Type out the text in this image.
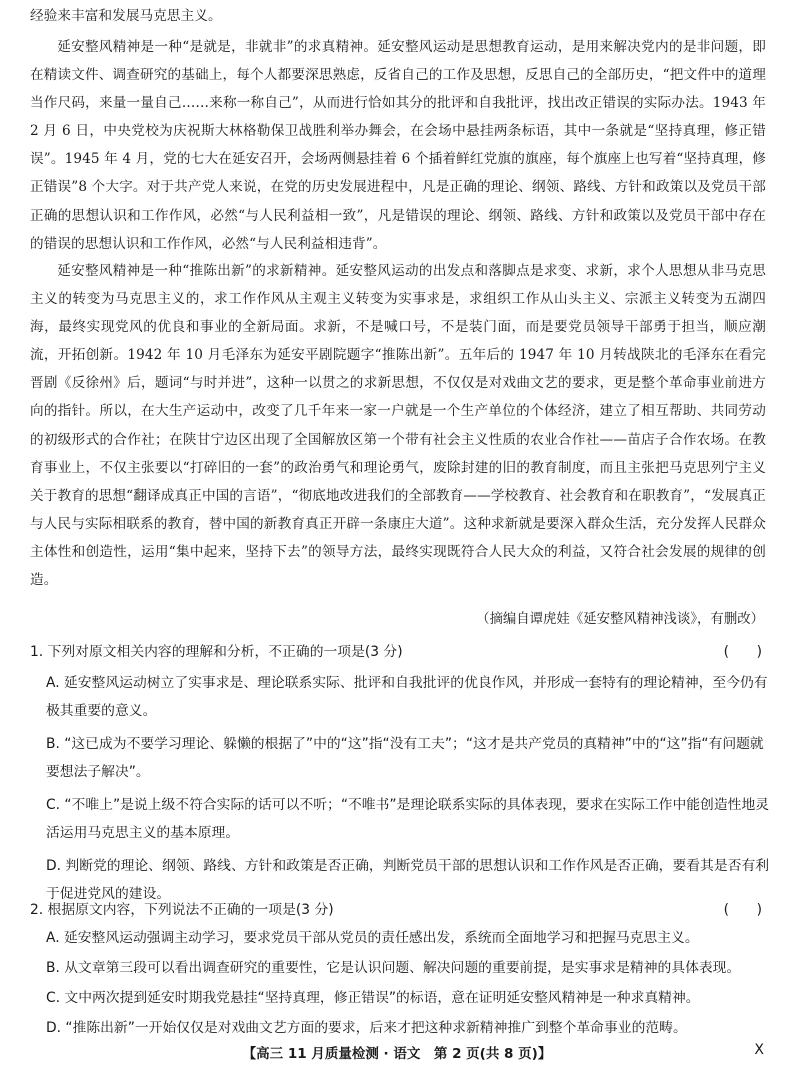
经验来丰富和发展马克思主义。

延安整风精神是一种“是就是，非就非”的求真精神。延安整风运动是思想教育运动，是用来解决党内的是非问题，即在精读文件、调查研究的基础上，每个人都要深思熟虑，反省自己的工作及思想，反思自己的全部历史，“把文件中的道理当作尺码，来量一量自己……来称一称自己”，从而进行恰如其分的批评和自我批评，找出改正错误的实际办法。1943 年 2 月 6 日，中央党校为庆祝斯大林格勒保卫战胜利举办舞会，在会场中悬挂两条标语，其中一条就是“坚持真理，修正错误”。1945 年 4 月，党的七大在延安召开，会场两侧悬挂着 6 个插着鲜红党旗的旗座，每个旗座上也写着“坚持真理，修正错误”8 个大字。对于共产党人来说，在党的历史发展进程中，凡是正确的理论、纲领、路线、方针和政策以及党员干部正确的思想认识和工作作风，必然“与人民利益相一致”，凡是错误的理论、纲领、路线、方针和政策以及党员干部中存在的错误的思想认识和工作作风，必然“与人民利益相违背”。

延安整风精神是一种“推陈出新”的求新精神。延安整风运动的出发点和落脚点是求变、求新，求个人思想从非马克思主义的转变为马克思主义的，求工作作风从主观主义转变为实事求是，求组织工作从山头主义、宗派主义转变为五湖四海，最终实现党风的优良和事业的全新局面。求新，不是喊口号，不是装门面，而是要党员领导干部勇于担当，顺应潮流，开拓创新。1942 年 10 月毛泽东为延安平剧院题字“推陈出新”。五年后的 1947 年 10 月转战陕北的毛泽东在看完晋剧《反徐州》后，题词“与时并进”，这种一以贯之的求新思想，不仅仅是对戏曲文艺的要求，更是整个革命事业前进方向的指针。所以，在大生产运动中，改变了几千年来一家一户就是一个生产单位的个体经济，建立了相互帮助、共同劳动的初级形式的合作社；在陕甘宁边区出现了全国解放区第一个带有社会主义性质的农业合作社——苗店子合作农场。在教育事业上，不仅主张要以“打碎旧的一套”的政治勇气和理论勇气，废除封建的旧的教育制度，而且主张把马克思列宁主义关于教育的思想“翻译成真正中国的言语”，“彻底地改进我们的全部教育——学校教育、社会教育和在职教育”，“发展真正与人民与实际相联系的教育，替中国的新教育真正开辟一条康庄大道”。这种求新就是要深入群众生活，充分发挥人民群众主体性和创造性，运用“集中起来，坚持下去”的领导方法，最终实现既符合人民大众的利益，又符合社会发展的规律的创造。

（摘编自谭虎娃《延安整风精神浅谈》，有删改）
1. 下列对原文相关内容的理解和分析，不正确的一项是(3 分)	(　　)
A. 延安整风运动树立了实事求是、理论联系实际、批评和自我批评的优良作风，并形成一套特有的理论精神，至今仍有极其重要的意义。
B. “这已成为不要学习理论、躲懒的根据了”中的“这”指“没有工夫”；“这才是共产党员的真精神”中的“这”指“有问题就要想法子解决”。
C. “不唯上”是说上级不符合实际的话可以不听；“不唯书”是理论联系实际的具体表现，要求在实际工作中能创造性地灵活运用马克思主义的基本原理。
D. 判断党的理论、纲领、路线、方针和政策是否正确，判断党员干部的思想认识和工作作风是否正确，要看其是否有利于促进党风的建设。
2. 根据原文内容，下列说法不正确的一项是(3 分)	(　　)
A. 延安整风运动强调主动学习，要求党员干部从党员的责任感出发，系统而全面地学习和把握马克思主义。
B. 从文章第三段可以看出调查研究的重要性，它是认识问题、解决问题的重要前提，是实事求是精神的具体表现。
C. 文中两次提到延安时期我党悬挂“坚持真理，修正错误”的标语，意在证明延安整风精神是一种求真精神。
D. “推陈出新”一开始仅仅是对戏曲文艺方面的要求，后来才把这种求新精神推广到整个革命事业的范畴。
【高三 11 月质量检测 · 语文　第 2 页(共 8 页)】	X
